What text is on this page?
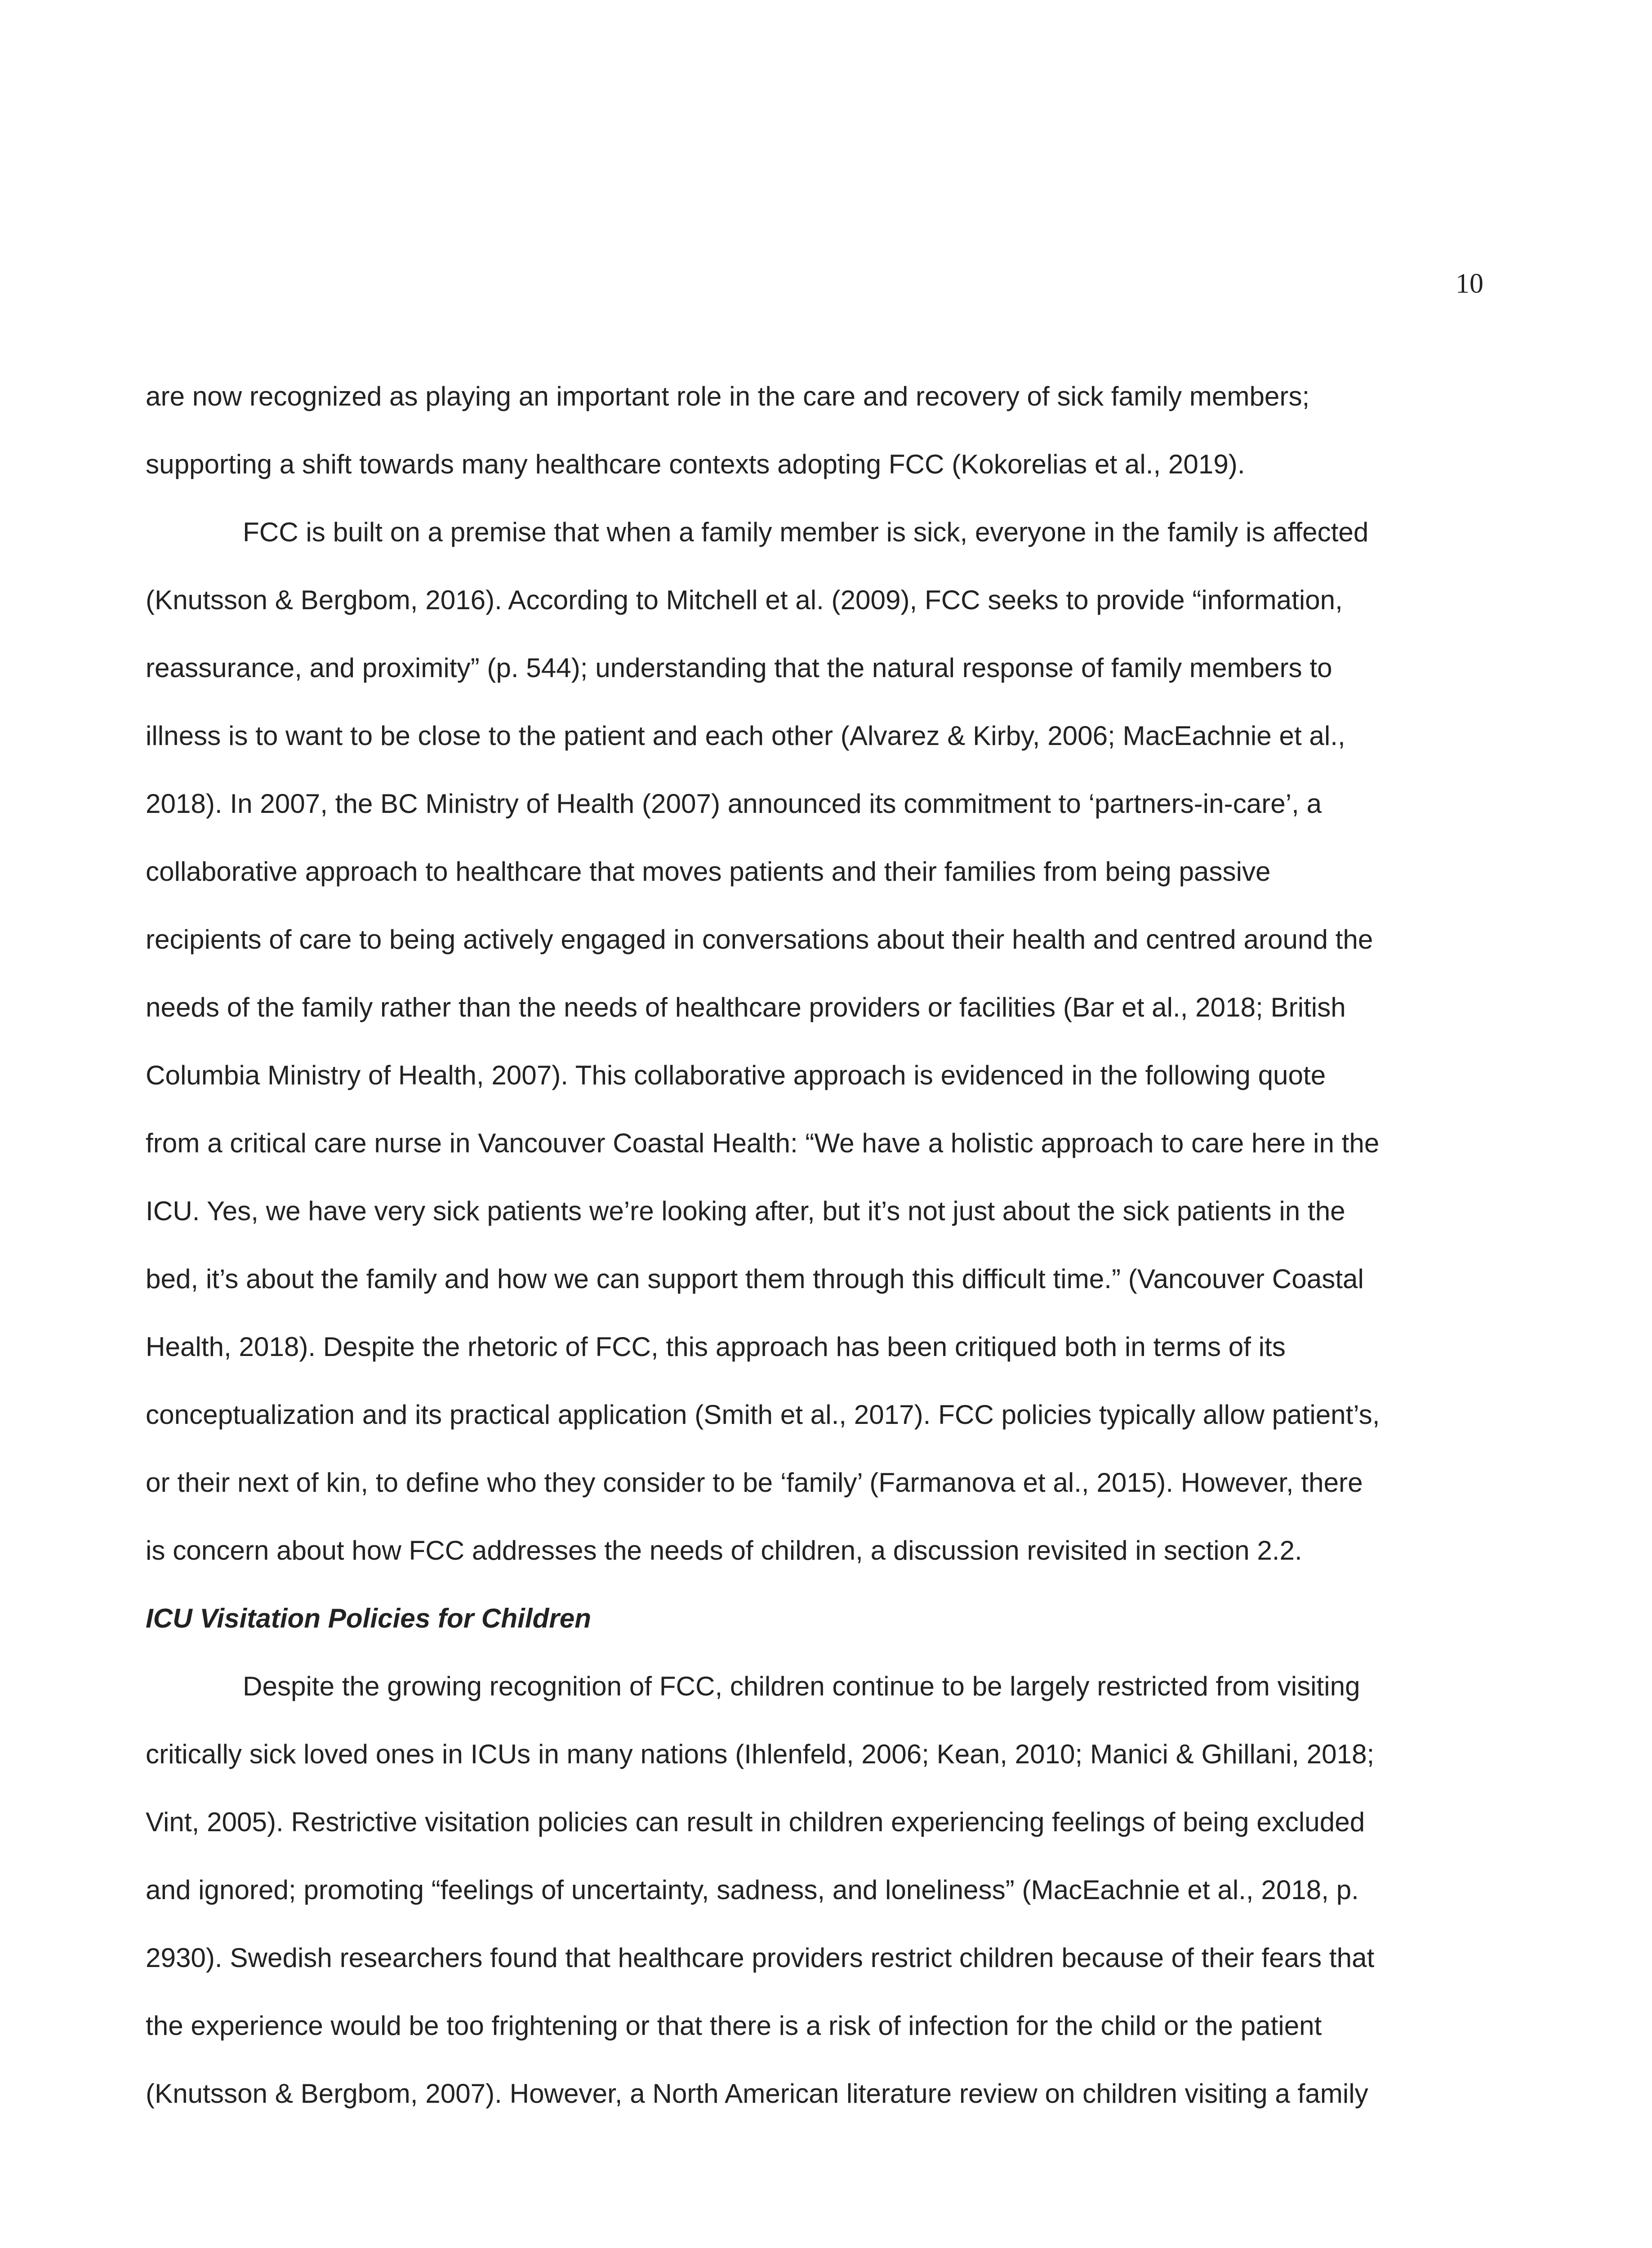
10
are now recognized as playing an important role in the care and recovery of sick family members;
supporting a shift towards many healthcare contexts adopting FCC (Kokorelias et al., 2019).
FCC is built on a premise that when a family member is sick, everyone in the family is affected
(Knutsson & Bergbom, 2016). According to Mitchell et al. (2009), FCC seeks to provide “information,
reassurance, and proximity” (p. 544); understanding that the natural response of family members to
illness is to want to be close to the patient and each other (Alvarez & Kirby, 2006; MacEachnie et al.,
2018). In 2007, the BC Ministry of Health (2007) announced its commitment to ‘partners-in-care’, a
collaborative approach to healthcare that moves patients and their families from being passive
recipients of care to being actively engaged in conversations about their health and centred around the
needs of the family rather than the needs of healthcare providers or facilities (Bar et al., 2018; British
Columbia Ministry of Health, 2007). This collaborative approach is evidenced in the following quote
from a critical care nurse in Vancouver Coastal Health: “We have a holistic approach to care here in the
ICU. Yes, we have very sick patients we’re looking after, but it’s not just about the sick patients in the
bed, it’s about the family and how we can support them through this difficult time.” (Vancouver Coastal
Health, 2018). Despite the rhetoric of FCC, this approach has been critiqued both in terms of its
conceptualization and its practical application (Smith et al., 2017). FCC policies typically allow patient’s,
or their next of kin, to define who they consider to be ‘family’ (Farmanova et al., 2015). However, there
is concern about how FCC addresses the needs of children, a discussion revisited in section 2.2.
ICU Visitation Policies for Children
Despite the growing recognition of FCC, children continue to be largely restricted from visiting
critically sick loved ones in ICUs in many nations (Ihlenfeld, 2006; Kean, 2010; Manici & Ghillani, 2018;
Vint, 2005). Restrictive visitation policies can result in children experiencing feelings of being excluded
and ignored; promoting “feelings of uncertainty, sadness, and loneliness” (MacEachnie et al., 2018, p.
2930). Swedish researchers found that healthcare providers restrict children because of their fears that
the experience would be too frightening or that there is a risk of infection for the child or the patient
(Knutsson & Bergbom, 2007). However, a North American literature review on children visiting a family
